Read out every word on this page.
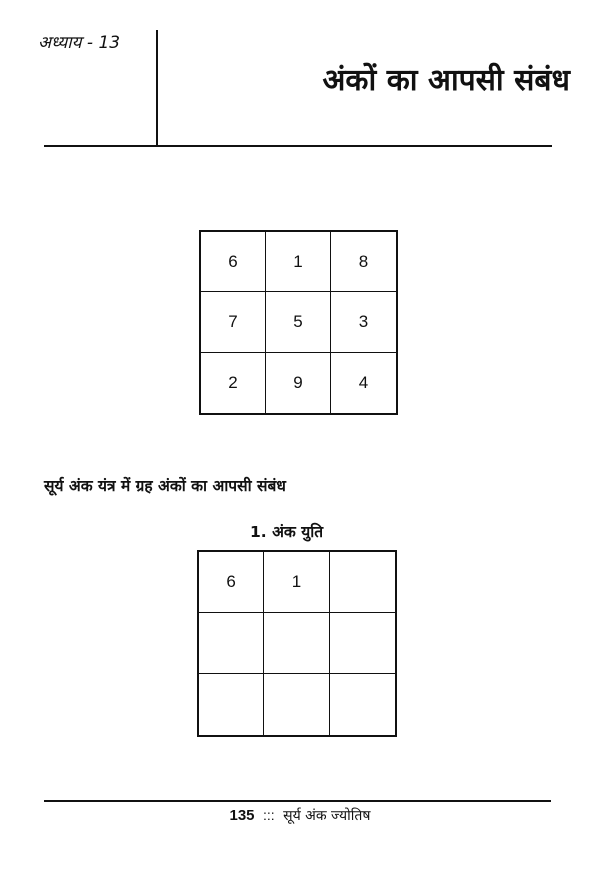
अध्याय - 13
अंकों का आपसी संबंध
6	1	8
7	5	3
2	9	4
सूर्य अंक यंत्र में ग्रह अंकों का आपसी संबंध
1. अंक युति
6	1
135 ::: सूर्य अंक ज्योतिष
